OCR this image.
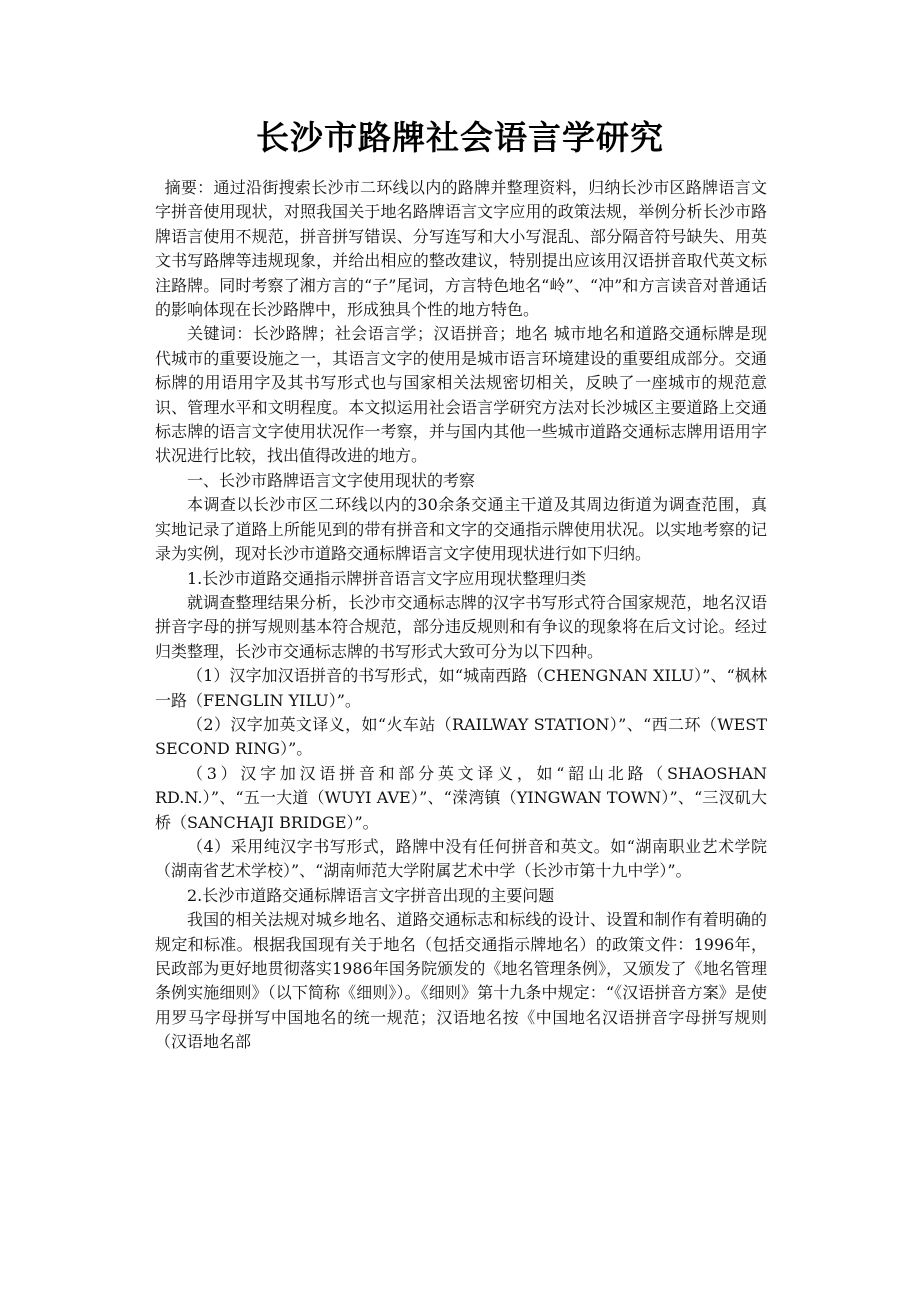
长沙市路牌社会语言学研究

摘要：通过沿街搜索长沙市二环线以内的路牌并整理资料，归纳长沙市区路牌语言文字拼音使用现状，对照我国关于地名路牌语言文字应用的政策法规，举例分析长沙市路牌语言使用不规范，拼音拼写错误、分写连写和大小写混乱、部分隔音符号缺失、用英文书写路牌等违规现象，并给出相应的整改建议，特别提出应该用汉语拼音取代英文标注路牌。同时考察了湘方言的“子”尾词，方言特色地名“岭”、“冲”和方言读音对普通话的影响体现在长沙路牌中，形成独具个性的地方特色。

关键词：长沙路牌；社会语言学；汉语拼音；地名 城市地名和道路交通标牌是现代城市的重要设施之一，其语言文字的使用是城市语言环境建设的重要组成部分。交通标牌的用语用字及其书写形式也与国家相关法规密切相关，反映了一座城市的规范意识、管理水平和文明程度。本文拟运用社会语言学研究方法对长沙城区主要道路上交通标志牌的语言文字使用状况作一考察，并与国内其他一些城市道路交通标志牌用语用字状况进行比较，找出值得改进的地方。

一、长沙市路牌语言文字使用现状的考察

本调查以长沙市区二环线以内的30余条交通主干道及其周边街道为调查范围，真实地记录了道路上所能见到的带有拼音和文字的交通指示牌使用状况。以实地考察的记录为实例，现对长沙市道路交通标牌语言文字使用现状进行如下归纳。

1.长沙市道路交通指示牌拼音语言文字应用现状整理归类

就调查整理结果分析，长沙市交通标志牌的汉字书写形式符合国家规范，地名汉语拼音字母的拼写规则基本符合规范，部分违反规则和有争议的现象将在后文讨论。经过归类整理，长沙市交通标志牌的书写形式大致可分为以下四种。

（1）汉字加汉语拼音的书写形式，如“城南西路（CHENGNAN XILU）”、“枫林一路（FENGLIN YILU）”。

（2）汉字加英文译义，如“火车站（RAILWAY STATION）”、“西二环（WEST SECOND RING）”。

（3）汉字加汉语拼音和部分英文译义，如“韶山北路（SHAOSHAN RD.N.）”、“五一大道（WUYI AVE）”、“溁湾镇（YINGWAN TOWN）”、“三汊矶大桥（SANCHAJI BRIDGE）”。

（4）采用纯汉字书写形式，路牌中没有任何拼音和英文。如“湖南职业艺术学院（湖南省艺术学校）”、“湖南师范大学附属艺术中学（长沙市第十九中学）”。

2.长沙市道路交通标牌语言文字拼音出现的主要问题

我国的相关法规对城乡地名、道路交通标志和标线的设计、设置和制作有着明确的规定和标准。根据我国现有关于地名（包括交通指示牌地名）的政策文件：1996年，民政部为更好地贯彻落实1986年国务院颁发的《地名管理条例》，又颁发了《地名管理条例实施细则》（以下简称《细则》）。《细则》第十九条中规定：“《汉语拼音方案》是使用罗马字母拼写中国地名的统一规范；汉语地名按《中国地名汉语拼音字母拼写规则（汉语地名部
